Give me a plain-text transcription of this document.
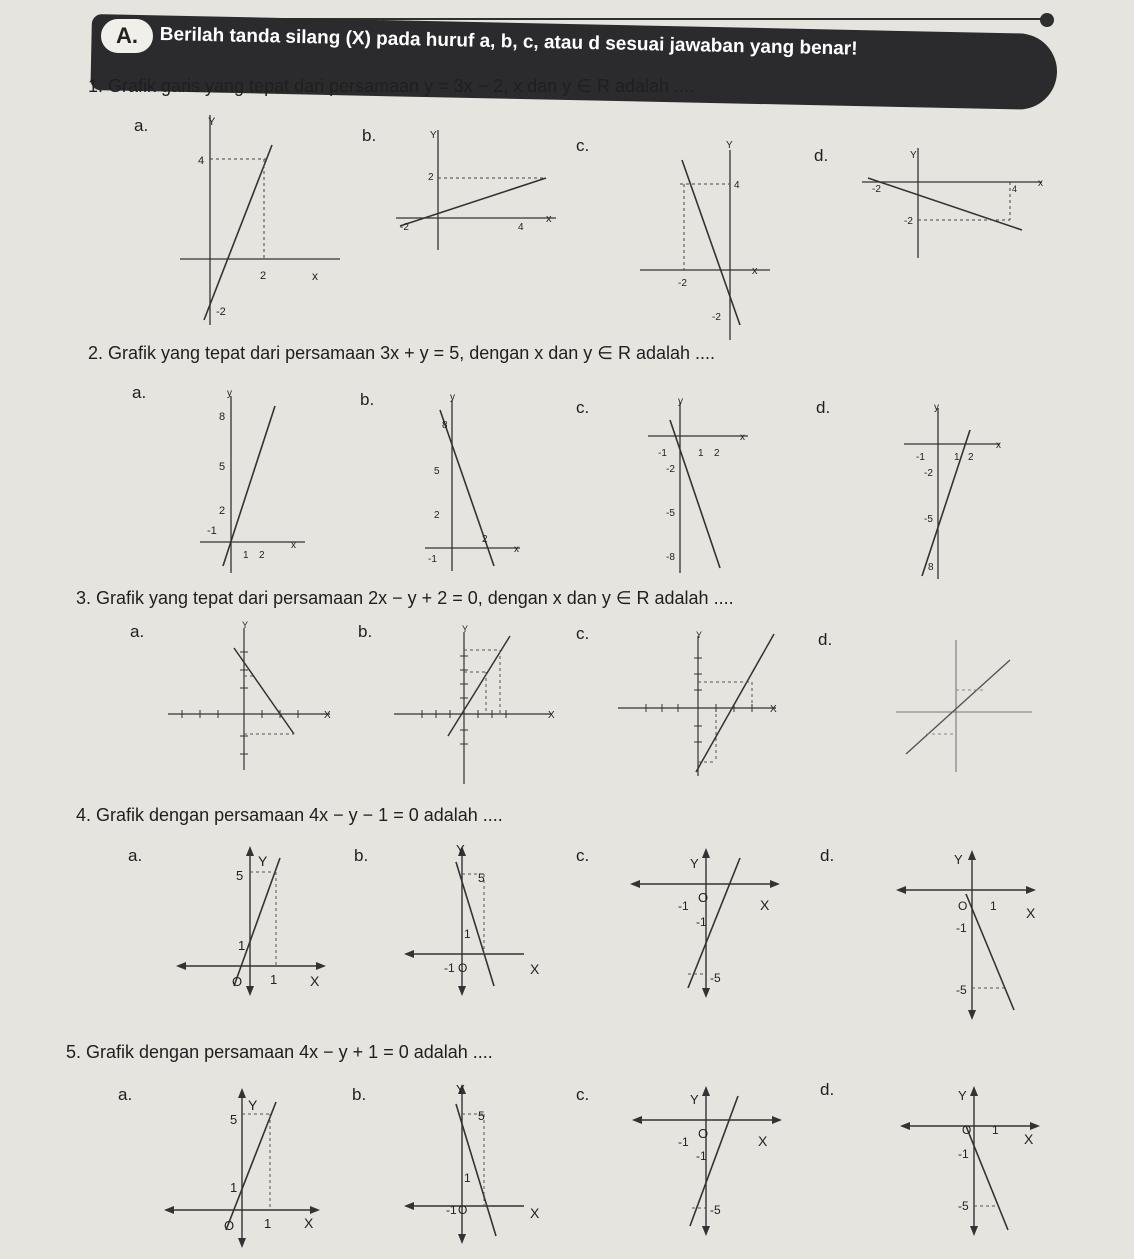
A.	Berilah tanda silang (X) pada huruf a, b, c, atau d sesuai jawaban yang benar!
1. Grafik garis yang tepat dari persamaan y = 3x − 2, x dan y ∈ R adalah ....
a.	Y
x
4
2
-2
b.	Y
x
2
-2	4
c.	Y
x
4
-2
-2
d.	Y
x
-2	4
-2
2. Grafik yang tepat dari persamaan 3x + y = 5, dengan x dan y ∈ R adalah ....
a.	y
x
8
5
2
-1
1 2
b.	y
x
8
5
2
-1
2
c.	y
x
-1	1 2
-2
-5
-8
d.	y
x
-1	1 2
-2
-5
8
3. Grafik yang tepat dari persamaan 2x − y + 2 = 0, dengan x dan y ∈ R adalah ....
a.	Y
X
b.	Y
X
c.	Y
X
d.
4. Grafik dengan persamaan 4x − y − 1 = 0 adalah ....
a.	Y
X
5
1
O 1
b.	Y
X
5
1
-1 O
c.	Y
X
-1
O
-1
-5
d.	Y
X
O 1
-1
-5
5. Grafik dengan persamaan 4x − y + 1 = 0 adalah ....
a.
Y
X
5
1
O 1
b.	Y
X
5
1
-1 O
c.	Y
X
-1
O
-1
-5
d.	Y
X
O 1
-1
-5
